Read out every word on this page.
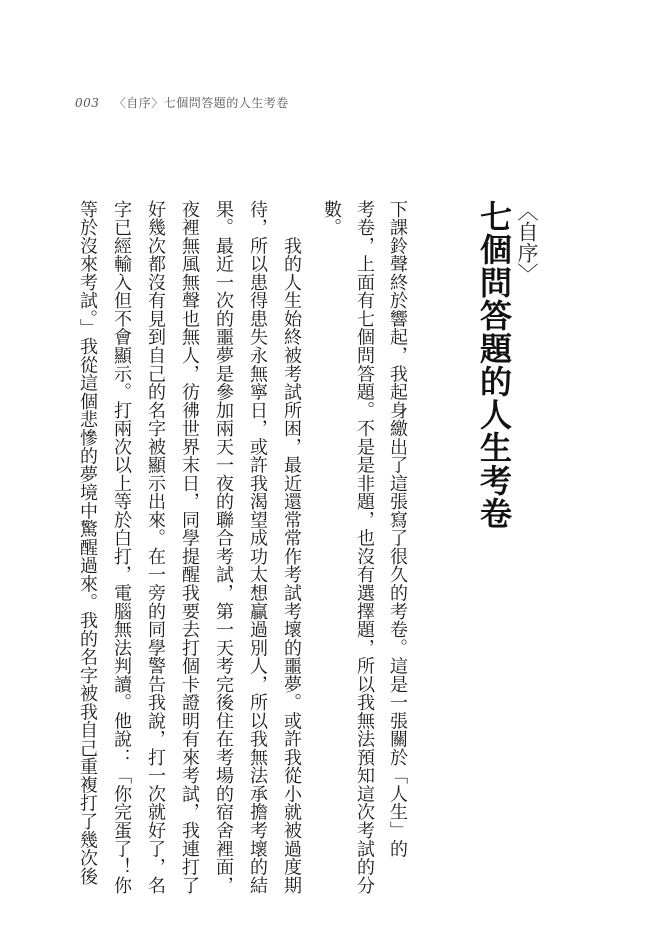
003 〈自序〉七個問答題的人生考卷
〈自序〉
七個問答題的人生考卷
下課鈴聲終於響起，我起身繳出了這張寫了很久的考卷。這是一張關於「人生」的
考卷，上面有七個問答題。不是是非題，也沒有選擇題，所以我無法預知這次考試的分
數。
　　我的人生始終被考試所困，最近還常常作考試考壞的噩夢。或許我從小就被過度期
待，所以患得患失永無寧日，或許我渴望成功太想贏過別人，所以我無法承擔考壞的結
果。最近一次的噩夢是參加兩天一夜的聯合考試，第一天考完後住在考場的宿舍裡面，
夜裡無風無聲也無人，彷彿世界末日，同學提醒我要去打個卡證明有來考試，我連打了
好幾次都沒有見到自己的名字被顯示出來。在一旁的同學警告我說，打一次就好了，名
字已經輸入但不會顯示。打兩次以上等於白打，電腦無法判讀。他說：「你完蛋了！你
等於沒來考試。」我從這個悲慘的夢境中驚醒過來。我的名字被我自己重複打了幾次後
